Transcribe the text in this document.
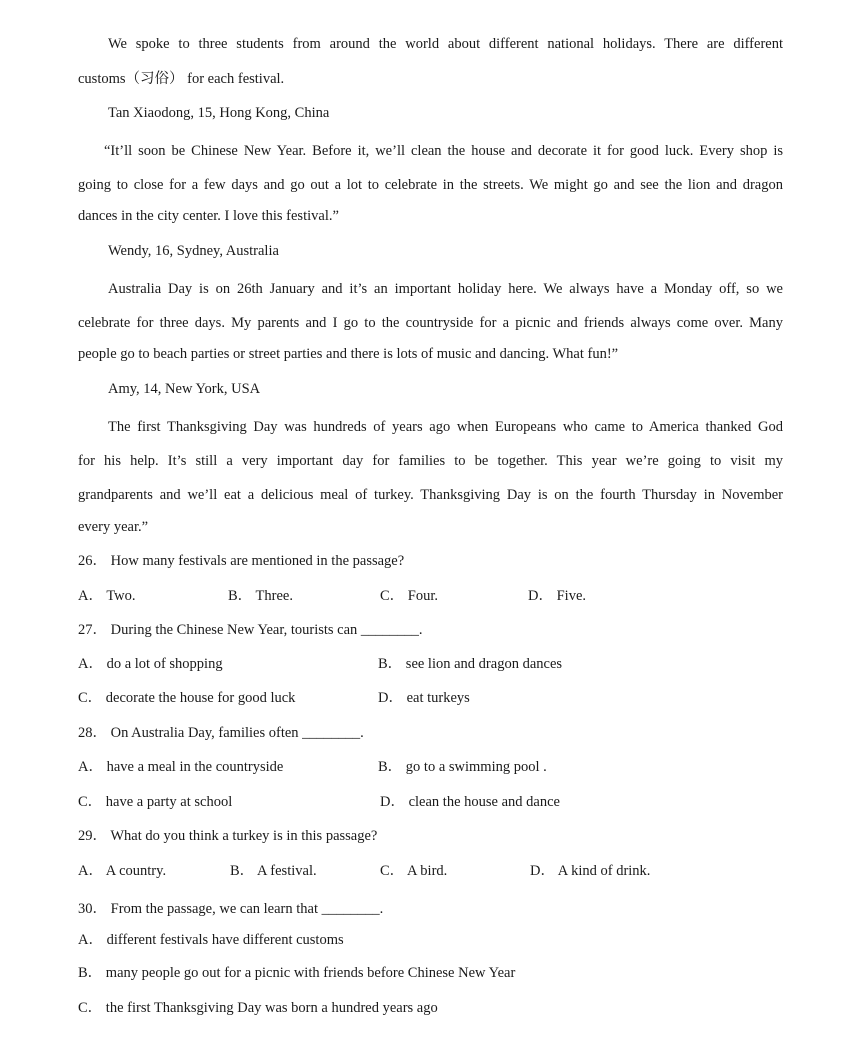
We spoke to three students from around the world about different national holidays. There are different
customs（习俗） for each festival.
Tan Xiaodong, 15, Hong Kong, China
“It’ll soon be Chinese New Year. Before it, we’ll clean the house and decorate it for good luck. Every shop is
going to close for a few days and go out a lot to celebrate in the streets. We might go and see the lion and dragon
dances in the city center. I love this festival.”
Wendy, 16, Sydney, Australia
Australia Day is on 26th January and it’s an important holiday here. We always have a Monday off, so we
celebrate for three days. My parents and I go to the countryside for a picnic and friends always come over. Many
people go to beach parties or street parties and there is lots of music and dancing. What fun!”
Amy, 14, New York, USA
The first Thanksgiving Day was hundreds of years ago when Europeans who came to America thanked God
for his help. It’s still a very important day for families to be together. This year we’re going to visit my
grandparents and we’ll eat a delicious meal of turkey. Thanksgiving Day is on the fourth Thursday in November
every year.”
26． How many festivals are mentioned in the passage?
A． Two.	B． Three.	C． Four.	D． Five.
27． During the Chinese New Year, tourists can ________.
A． do a lot of shopping	B． see lion and dragon dances
C． decorate the house for good luck	D． eat turkeys
28． On Australia Day, families often ________.
A． have a meal in the countryside	B． go to a swimming pool .
C． have a party at school	D． clean the house and dance
29． What do you think a turkey is in this passage?
A． A country.	B． A festival.	C． A bird.	D． A kind of drink.
30． From the passage, we can learn that ________.
A． different festivals have different customs
B． many people go out for a picnic with friends before Chinese New Year
C． the first Thanksgiving Day was born a hundred years ago
